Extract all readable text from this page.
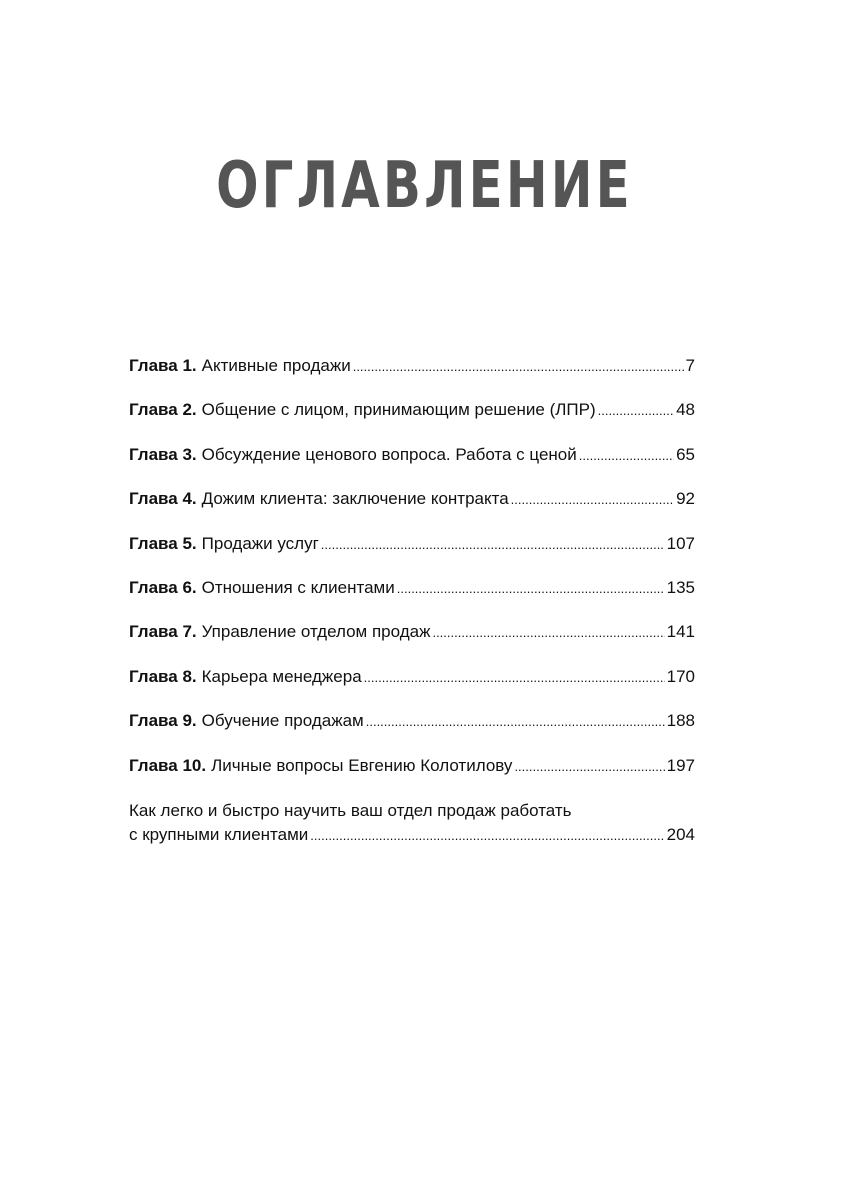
ОГЛАВЛЕНИЕ
Глава 1. Активные продажи .....	7
Глава 2. Общение с лицом, принимающим решение (ЛПР) .....	48
Глава 3. Обсуждение ценового вопроса. Работа с ценой .....	65
Глава 4. Дожим клиента: заключение контракта .....	92
Глава 5. Продажи услуг .....	107
Глава 6. Отношения с клиентами .....	135
Глава 7. Управление отделом продаж .....	141
Глава 8. Карьера менеджера .....	170
Глава 9. Обучение продажам .....	188
Глава 10. Личные вопросы Евгению Колотилову .....	197
Как легко и быстро научить ваш отдел продаж работать
с крупными клиентами .....	204
